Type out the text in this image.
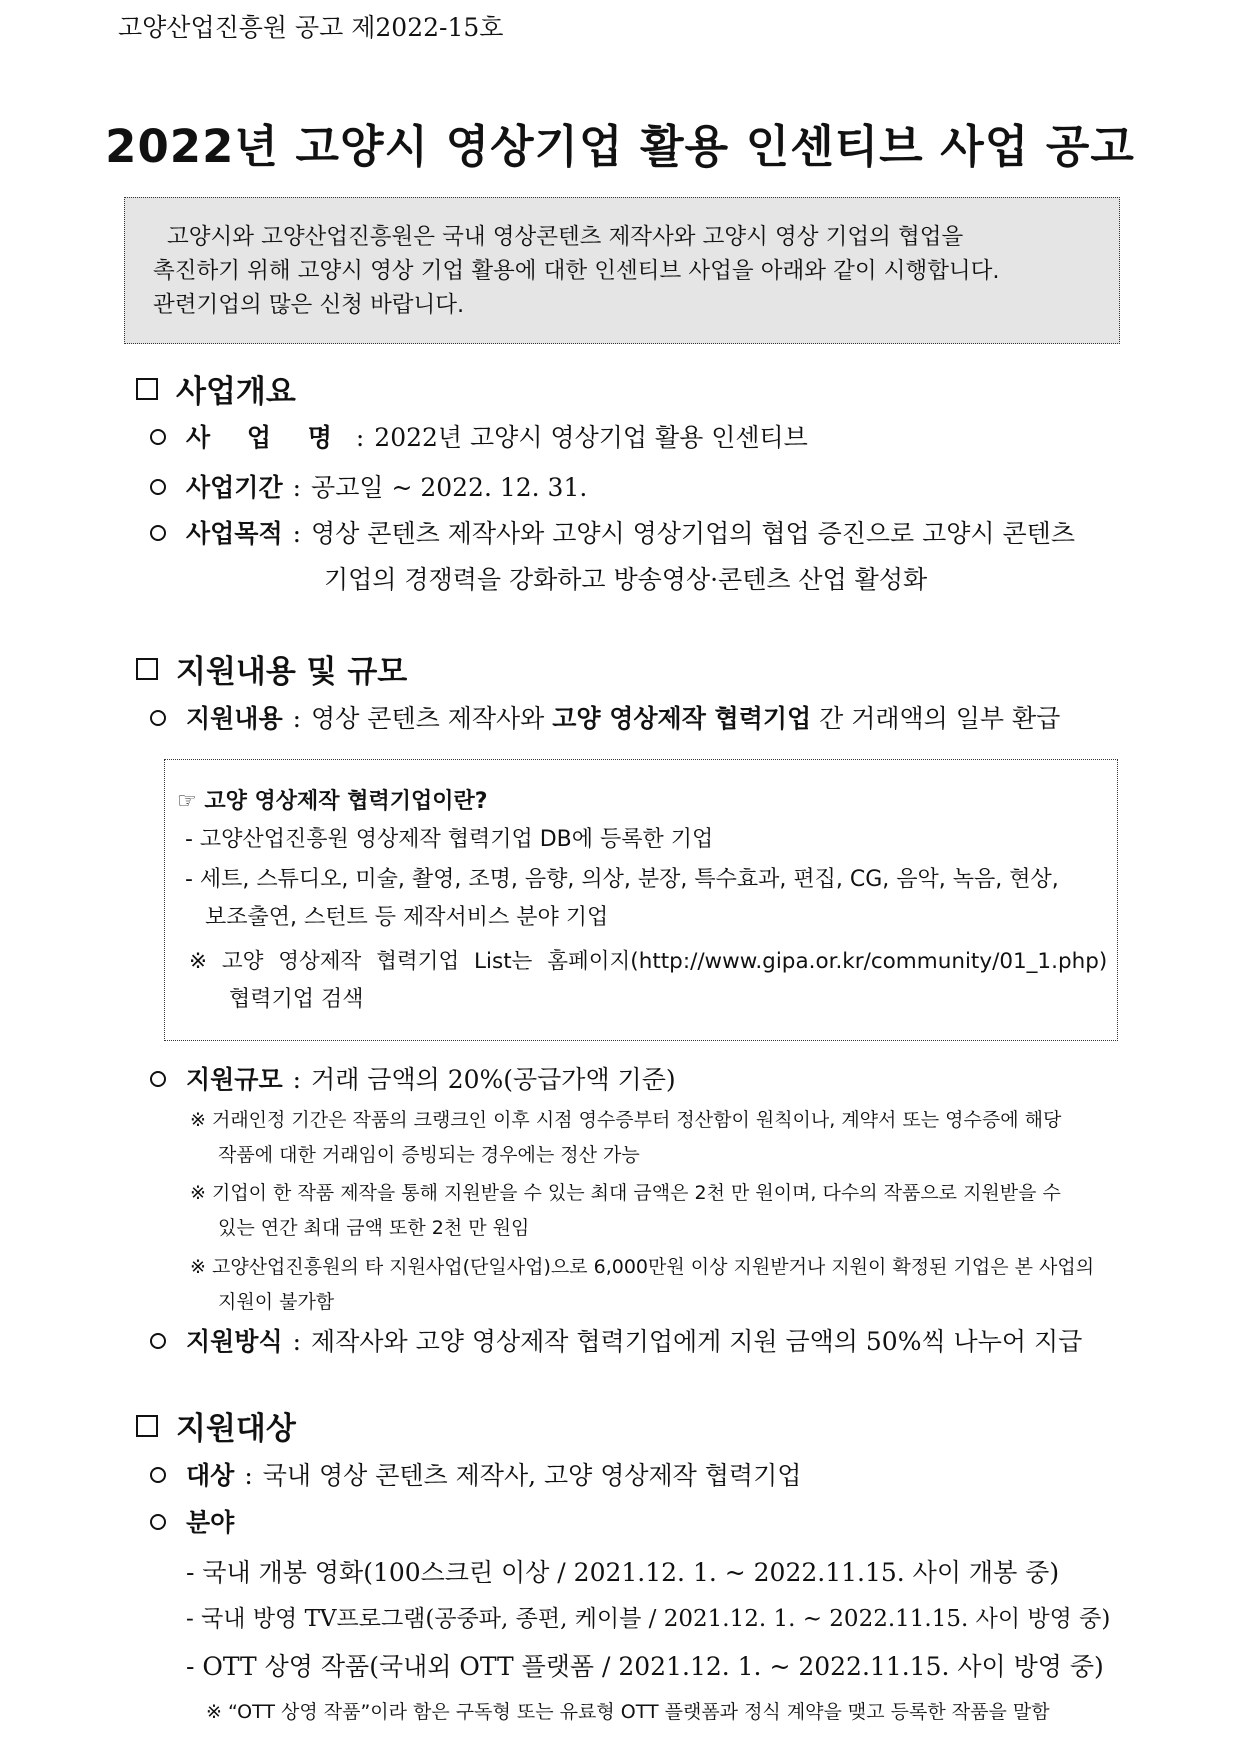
고양산업진흥원 공고 제2022-15호
2022년 고양시 영상기업 활용 인센티브 사업 공고

고양시와 고양산업진흥원은 국내 영상콘텐츠 제작사와 고양시 영상 기업의 협업을

촉진하기 위해 고양시 영상 기업 활용에 대한 인센티브 사업을 아래와 같이 시행합니다.

관련기업의 많은 신청 바랍니다.

사업개요
사 업 명 : 2022년 고양시 영상기업 활용 인센티브
사업기간 : 공고일 ~ 2022. 12. 31.
사업목적 : 영상 콘텐츠 제작사와 고양시 영상기업의 협업 증진으로 고양시 콘텐츠
기업의 경쟁력을 강화하고 방송영상·콘텐츠 산업 활성화
지원내용 및 규모
지원내용 : 영상 콘텐츠 제작사와 고양 영상제작 협력기업 간 거래액의 일부 환급
☞ 고양 영상제작 협력기업이란?
- 고양산업진흥원 영상제작 협력기업 DB에 등록한 기업
- 세트, 스튜디오, 미술, 촬영, 조명, 음향, 의상, 분장, 특수효과, 편집, CG, 음악, 녹음, 현상,
보조출연, 스턴트 등 제작서비스 분야 기업
※ 고양 영상제작 협력기업 List는 홈페이지(http://www.gipa.or.kr/community/01_1.php)
협력기업 검색
지원규모 : 거래 금액의 20%(공급가액 기준)
※ 거래인정 기간은 작품의 크랭크인 이후 시점 영수증부터 정산함이 원칙이나, 계약서 또는 영수증에 해당
작품에 대한 거래임이 증빙되는 경우에는 정산 가능
※ 기업이 한 작품 제작을 통해 지원받을 수 있는 최대 금액은 2천 만 원이며, 다수의 작품으로 지원받을 수
있는 연간 최대 금액 또한 2천 만 원임
※ 고양산업진흥원의 타 지원사업(단일사업)으로 6,000만원 이상 지원받거나 지원이 확정된 기업은 본 사업의
지원이 불가함
지원방식 : 제작사와 고양 영상제작 협력기업에게 지원 금액의 50%씩 나누어 지급
지원대상
대상 : 국내 영상 콘텐츠 제작사, 고양 영상제작 협력기업
분야
- 국내 개봉 영화(100스크린 이상 / 2021.12. 1. ~ 2022.11.15. 사이 개봉 중)
- 국내 방영 TV프로그램(공중파, 종편, 케이블 / 2021.12. 1. ~ 2022.11.15. 사이 방영 중)
- OTT 상영 작품(국내외 OTT 플랫폼 / 2021.12. 1. ~ 2022.11.15. 사이 방영 중)
※ “OTT 상영 작품”이라 함은 구독형 또는 유료형 OTT 플랫폼과 정식 계약을 맺고 등록한 작품을 말함
